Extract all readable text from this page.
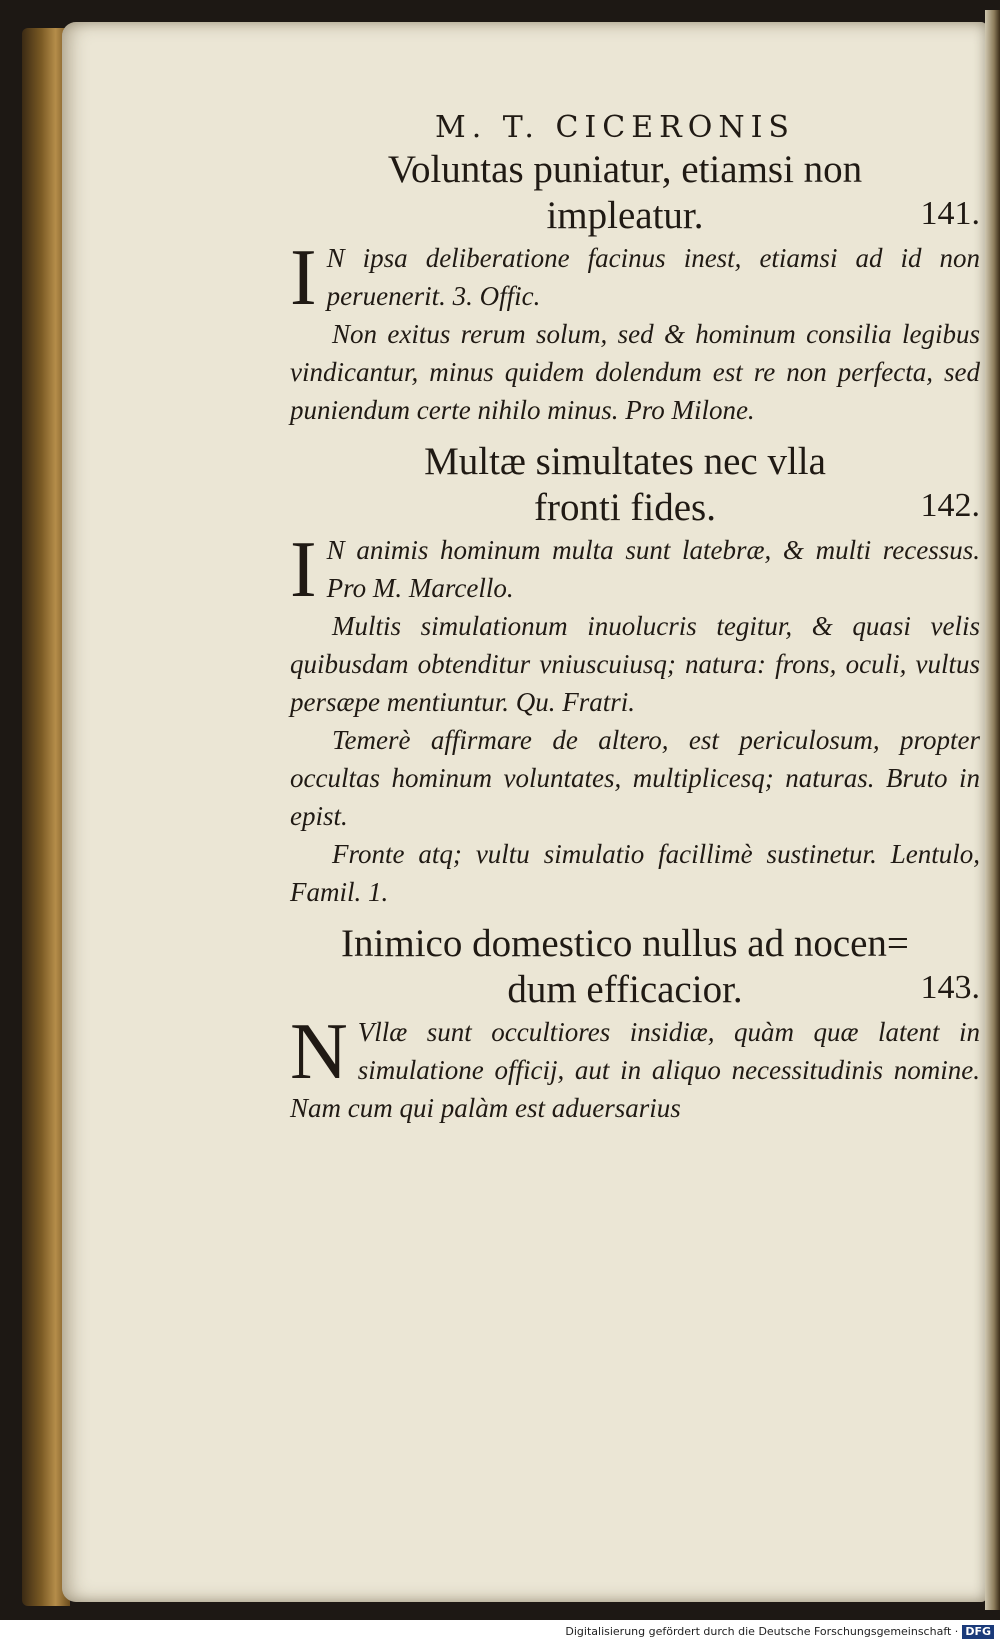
M. T. CICERONIS
Voluntas puniatur, etiamsi non
impleatur.	141.

I N ipsa deliberatione facinus inest, etiamsi ad id non peruenerit. 3. Offic.

Non exitus rerum solum, sed & hominum consilia legibus vindicantur, minus quidem dolendum est re non perfecta, sed puniendum certe nihilo minus. Pro Milone.

Multæ simultates nec vlla
fronti fides.	142.

I N animis hominum multa sunt latebræ, & multi recessus. Pro M. Marcello.

Multis simulationum inuolucris tegitur, & quasi velis quibusdam obtenditur vniuscuiusq; natura: frons, oculi, vultus persæpe mentiuntur. Qu. Fratri.

Temerè affirmare de altero, est periculosum, propter occultas hominum voluntates, multiplicesq; naturas. Bruto in epist.

Fronte atq; vultu simulatio facillimè sustinetur. Lentulo, Famil. 1.

Inimico domestico nullus ad nocen=
dum efficacior.	143.

N Vllæ sunt occultiores insidiæ, quàm quæ latent in simulatione officij, aut in aliquo necessitudinis nomine. Nam cum qui palàm est aduersarius

Digitalisierung gefördert durch die Deutsche Forschungsgemeinschaft · DFG
